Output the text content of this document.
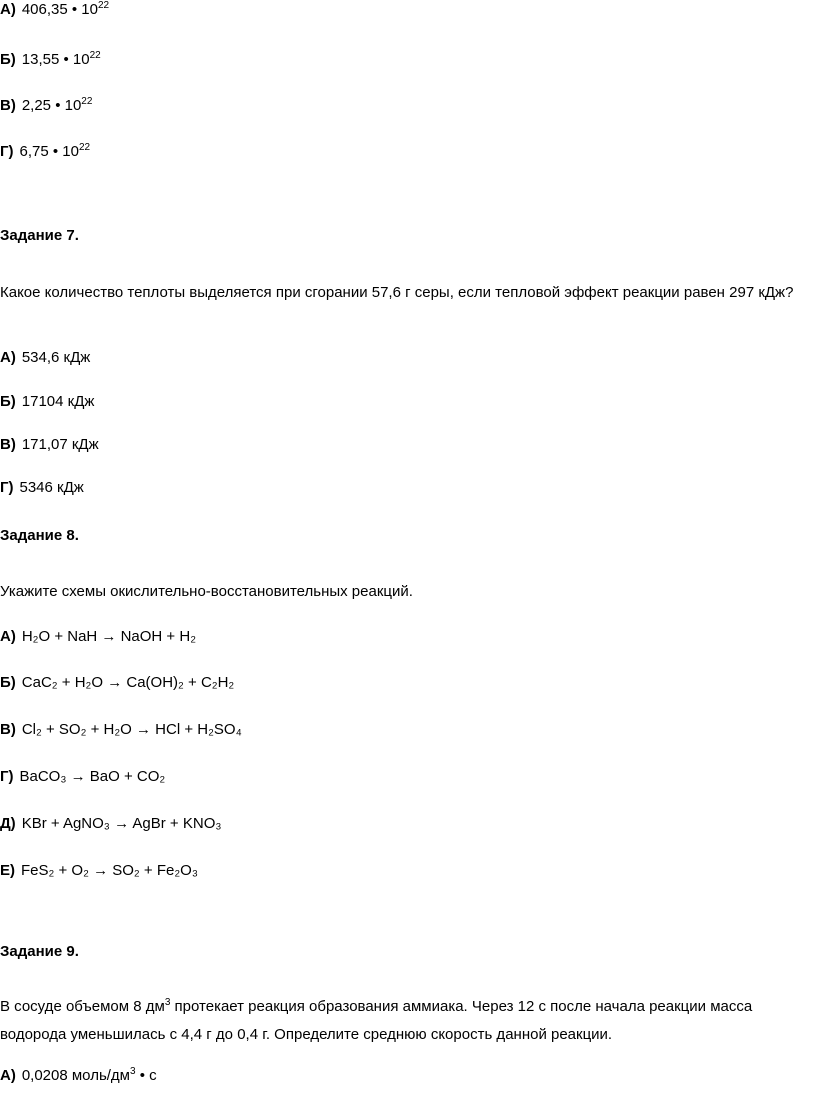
А) 406,35 • $10^{22}$
Б) 13,55 • $10^{22}$
В) 2,25 • $10^{22}$
Г) 6,75 • $10^{22}$
Задание 7.
Какое количество теплоты выделяется при сгорании 57,6 г серы, если тепловой эффект реакции равен 297 кДж?
А) 534,6 кДж
Б) 17104 кДж
В) 171,07 кДж
Г) 5346 кДж
Задание 8.
Укажите схемы окислительно-восстановительных реакций.
А) H₂O + NaH → NaOH + H₂
Б) CaC₂ + H₂O → Ca(OH)₂ + C₂H₂
В) Cl₂ + SO₂ + H₂O → HCl + H₂SO₄
Г) BaCO₃ → BaO + CO₂
Д) KBr + AgNO₃ → AgBr + KNO₃
Е) FeS₂ + O₂ → SO₂ + Fe₂O₃
Задание 9.
В сосуде объемом 8 $дм^3$ протекает реакция образования аммиака. Через 12 с после начала реакции масса водорода уменьшилась с 4,4 г до 0,4 г. Определите среднюю скорость данной реакции.
А) 0,0208 моль/$дм^3$ • с
